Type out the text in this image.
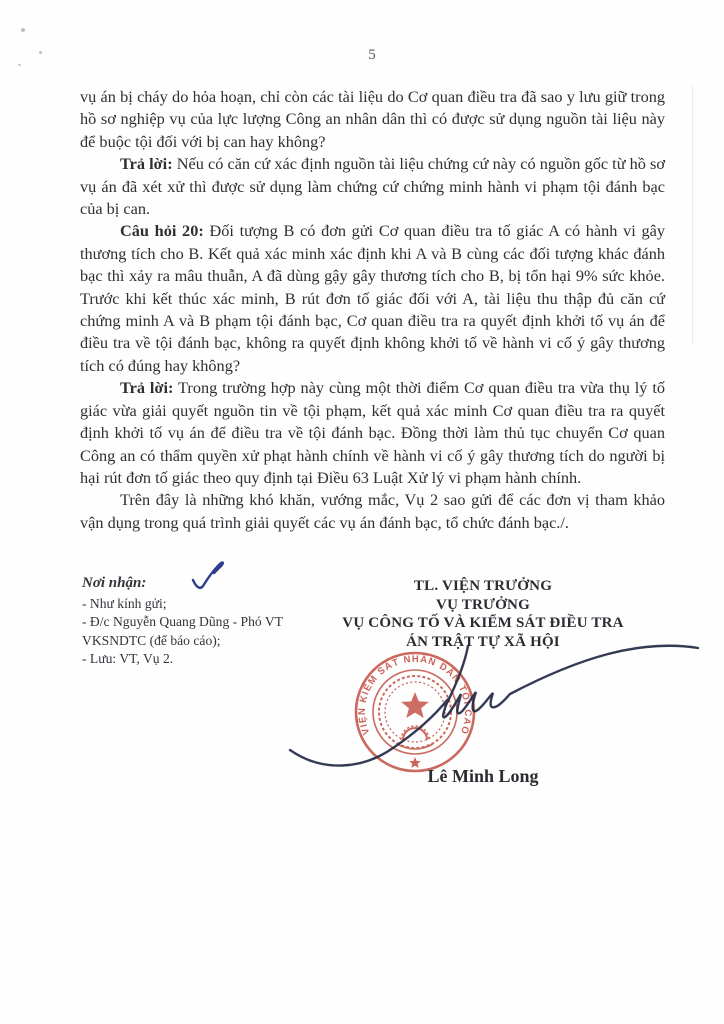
5

vụ án bị cháy do hỏa hoạn, chỉ còn các tài liệu do Cơ quan điều tra đã sao y lưu giữ trong hồ sơ nghiệp vụ của lực lượng Công an nhân dân thì có được sử dụng nguồn tài liệu này để buộc tội đối với bị can hay không?

Trả lời: Nếu có căn cứ xác định nguồn tài liệu chứng cứ này có nguồn gốc từ hồ sơ vụ án đã xét xử thì được sử dụng làm chứng cứ chứng minh hành vi phạm tội đánh bạc của bị can.

Câu hỏi 20: Đối tượng B có đơn gửi Cơ quan điều tra tố giác A có hành vi gây thương tích cho B. Kết quả xác minh xác định khi A và B cùng các đối tượng khác đánh bạc thì xảy ra mâu thuẫn, A đã dùng gậy gây thương tích cho B, bị tổn hại 9% sức khỏe. Trước khi kết thúc xác minh, B rút đơn tố giác đối với A, tài liệu thu thập đủ căn cứ chứng minh A và B phạm tội đánh bạc, Cơ quan điều tra ra quyết định khởi tố vụ án để điều tra về tội đánh bạc, không ra quyết định không khởi tố về hành vi cố ý gây thương tích có đúng hay không?

Trả lời: Trong trường hợp này cùng một thời điểm Cơ quan điều tra vừa thụ lý tố giác vừa giải quyết nguồn tin về tội phạm, kết quả xác minh Cơ quan điều tra ra quyết định khởi tố vụ án để điều tra về tội đánh bạc. Đồng thời làm thủ tục chuyển Cơ quan Công an có thẩm quyền xử phạt hành chính về hành vi cố ý gây thương tích do người bị hại rút đơn tố giác theo quy định tại Điều 63 Luật Xử lý vi phạm hành chính.

Trên đây là những khó khăn, vướng mắc, Vụ 2 sao gửi để các đơn vị tham khảo vận dụng trong quá trình giải quyết các vụ án đánh bạc, tổ chức đánh bạc./.

Nơi nhận:
- Như kính gửi;
- Đ/c Nguyễn Quang Dũng - Phó VT VKSNDTC (để báo cáo);
- Lưu: VT, Vụ 2.
TL. VIỆN TRƯỞNG
VỤ TRƯỞNG
VỤ CÔNG TỐ VÀ KIỂM SÁT ĐIỀU TRA
ÁN TRẬT TỰ XÃ HỘI
VIỆN KIỂM SÁT NHÂN DÂN TỐI CAO
Lê Minh Long
